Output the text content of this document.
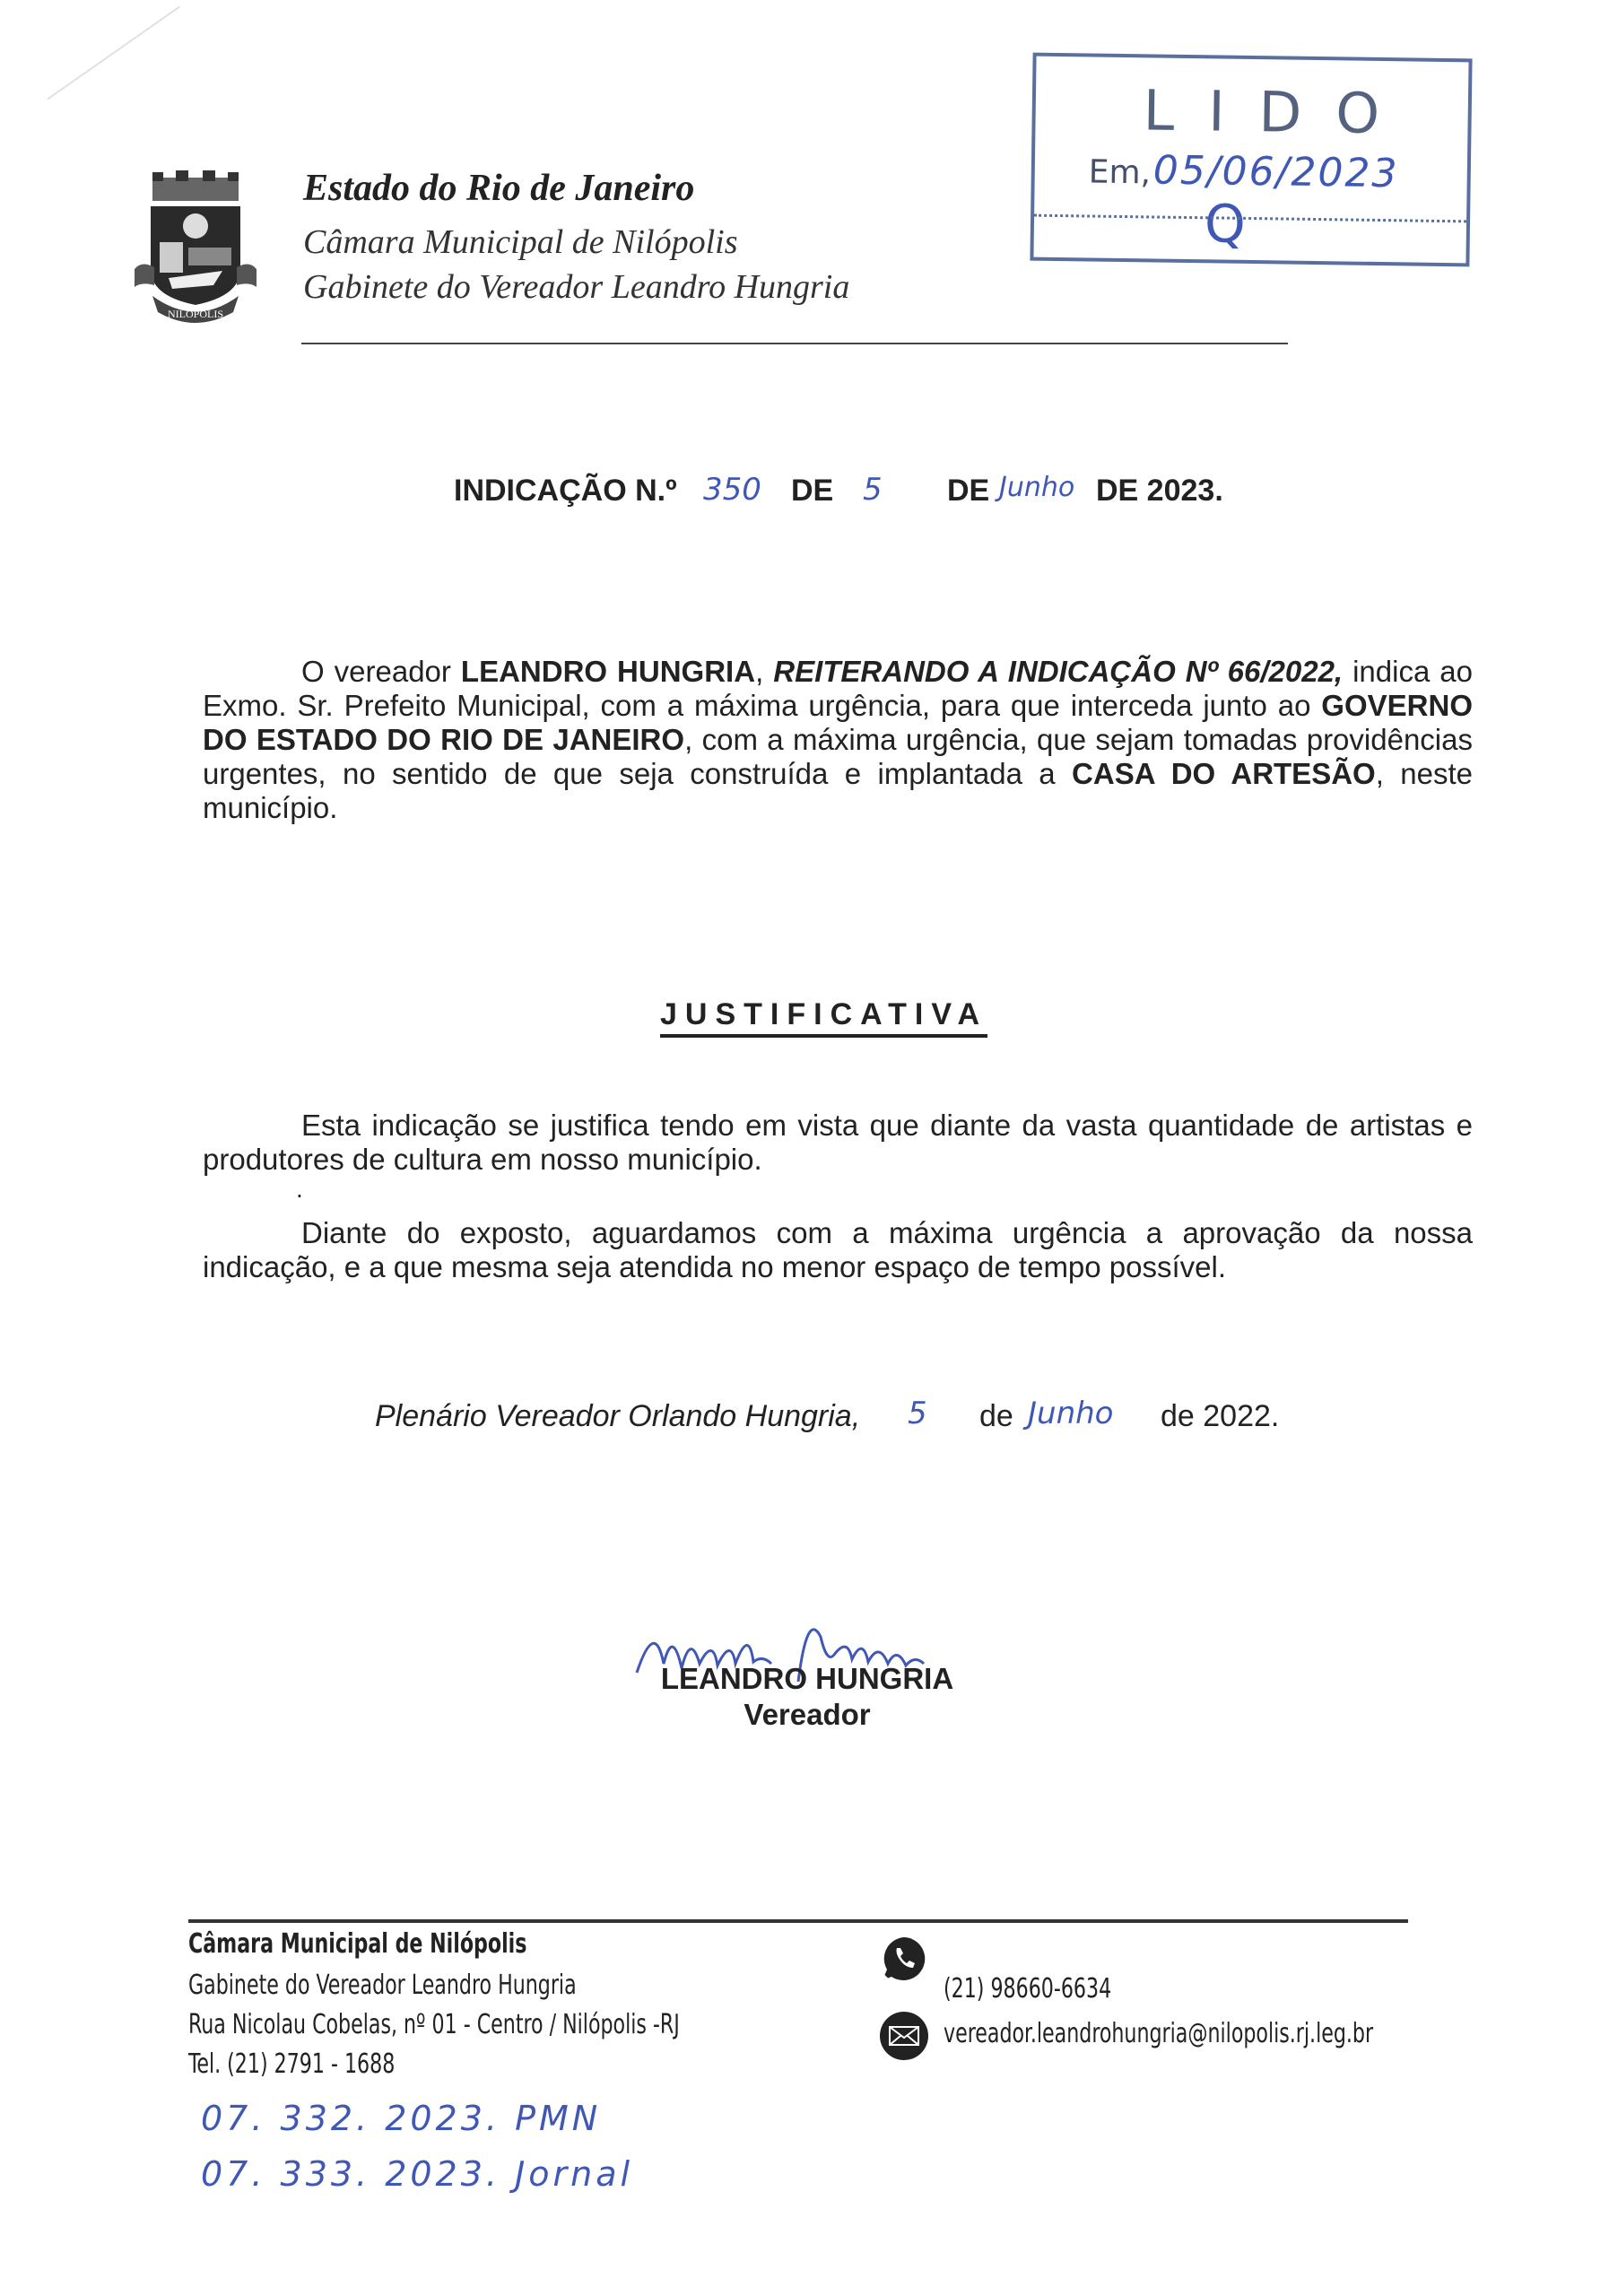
NILOPOLIS
Estado do Rio de Janeiro
Câmara Municipal de Nilópolis
Gabinete do Vereador Leandro Hungria
LIDO
Em, 05/06/2023
Q
INDICAÇÃO N.º 350 DE 5 DE Junho DE 2023.
O vereador LEANDRO HUNGRIA, REITERANDO A INDICAÇÃO Nº 66/2022, indica ao Exmo. Sr. Prefeito Municipal, com a máxima urgência, para que interceda junto ao GOVERNO DO ESTADO DO RIO DE JANEIRO, com a máxima urgência, que sejam tomadas providências urgentes, no sentido de que seja construída e implantada a CASA DO ARTESÃO, neste município.
JUSTIFICATIVA
Esta indicação se justifica tendo em vista que diante da vasta quantidade de artistas e produtores de cultura em nosso município.
.
Diante do exposto, aguardamos com a máxima urgência a aprovação da nossa indicação, e a que mesma seja atendida no menor espaço de tempo possível.
Plenário Vereador Orlando Hungria, 5 de Junho de 2022.
LEANDRO HUNGRIA
Vereador
Câmara Municipal de Nilópolis
Gabinete do Vereador Leandro Hungria
Rua Nicolau Cobelas, nº 01 - Centro / Nilópolis -RJ
Tel. (21) 2791 - 1688
(21) 98660-6634
vereador.leandrohungria@nilopolis.rj.leg.br
07. 332. 2023. PMN
07. 333. 2023. Jornal
